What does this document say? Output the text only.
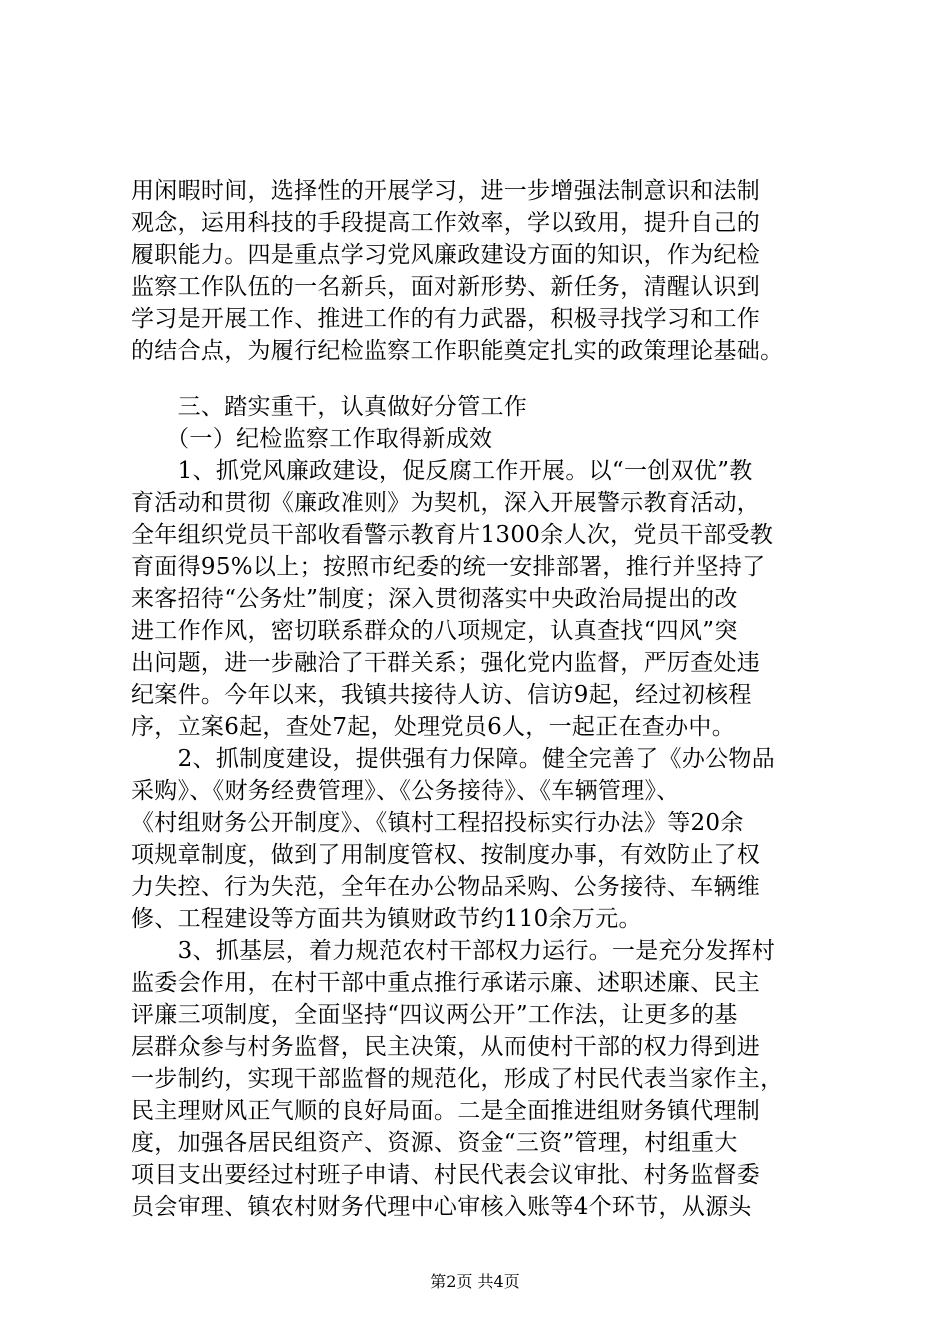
用闲暇时间，选择性的开展学习，进一步增强法制意识和法制
观念，运用科技的手段提高工作效率，学以致用，提升自己的
履职能力。四是重点学习党风廉政建设方面的知识，作为纪检
监察工作队伍的一名新兵，面对新形势、新任务，清醒认识到
学习是开展工作、推进工作的有力武器，积极寻找学习和工作
的结合点，为履行纪检监察工作职能奠定扎实的政策理论基础。
　　三、踏实重干，认真做好分管工作
　　（一）纪检监察工作取得新成效
　　1、抓党风廉政建设，促反腐工作开展。以“一创双优”教
育活动和贯彻《廉政准则》为契机，深入开展警示教育活动，
全年组织党员干部收看警示教育片1300余人次，党员干部受教
育面得95%以上；按照市纪委的统一安排部署，推行并坚持了
来客招待“公务灶”制度；深入贯彻落实中央政治局提出的改
进工作作风，密切联系群众的八项规定，认真查找“四风”突
出问题，进一步融洽了干群关系；强化党内监督，严厉查处违
纪案件。今年以来，我镇共接待人访、信访9起，经过初核程
序，立案6起，查处7起，处理党员6人，一起正在查办中。
　　2、抓制度建设，提供强有力保障。健全完善了《办公物品
采购》、《财务经费管理》、《公务接待》、《车辆管理》、
《村组财务公开制度》、《镇村工程招投标实行办法》等20余
项规章制度，做到了用制度管权、按制度办事，有效防止了权
力失控、行为失范，全年在办公物品采购、公务接待、车辆维
修、工程建设等方面共为镇财政节约110余万元。
　　3、抓基层，着力规范农村干部权力运行。一是充分发挥村
监委会作用，在村干部中重点推行承诺示廉、述职述廉、民主
评廉三项制度，全面坚持“四议两公开”工作法，让更多的基
层群众参与村务监督，民主决策，从而使村干部的权力得到进
一步制约，实现干部监督的规范化，形成了村民代表当家作主，
民主理财风正气顺的良好局面。二是全面推进组财务镇代理制
度，加强各居民组资产、资源、资金“三资”管理，村组重大
项目支出要经过村班子申请、村民代表会议审批、村务监督委
员会审理、镇农村财务代理中心审核入账等4个环节，从源头
第2页 共4页
